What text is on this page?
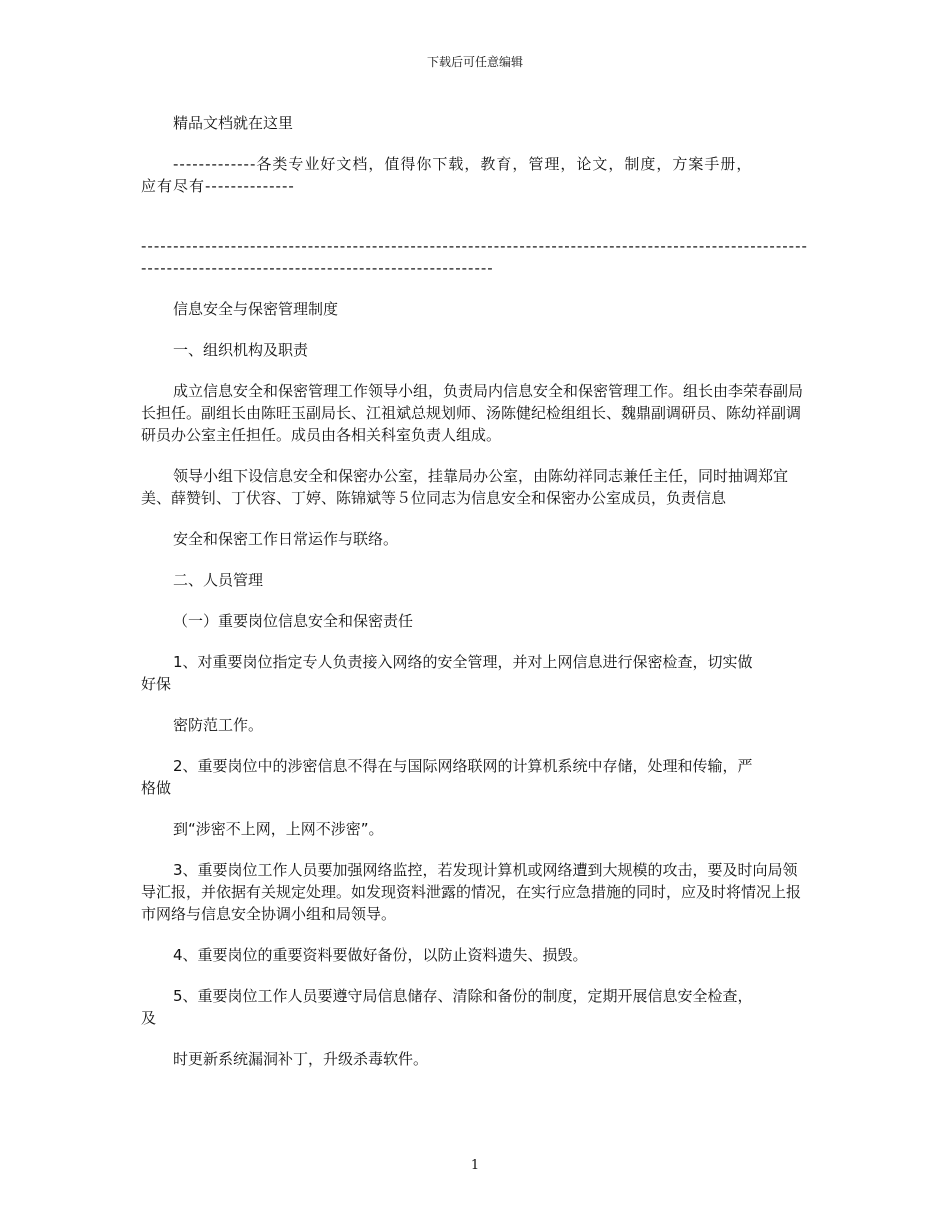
下载后可任意编辑

精品文档就在这里

-------------各类专业好文档，值得你下载，教育，管理，论文，制度，方案手册，

应有尽有--------------

---------------------------------------------------------------------------------------------------------------------------------------------------------------

信息安全与保密管理制度

一、组织机构及职责

成立信息安全和保密管理工作领导小组，负责局内信息安全和保密管理工作。组长由李荣春副局长担任。副组长由陈旺玉副局长、江祖斌总规划师、汤陈健纪检组组长、魏鼎副调研员、陈幼祥副调研员办公室主任担任。成员由各相关科室负责人组成。

领导小组下设信息安全和保密办公室，挂靠局办公室，由陈幼祥同志兼任主任，同时抽调郑宜美、薛赞钊、丁伏容、丁婷、陈锦斌等５位同志为信息安全和保密办公室成员，负责信息

安全和保密工作日常运作与联络。

二、人员管理

（一）重要岗位信息安全和保密责任

1、对重要岗位指定专人负责接入网络的安全管理，并对上网信息进行保密检查，切实做

好保

密防范工作。

2、重要岗位中的涉密信息不得在与国际网络联网的计算机系统中存储，处理和传输，严

格做

到“涉密不上网，上网不涉密”。

3、重要岗位工作人员要加强网络监控，若发现计算机或网络遭到大规模的攻击，要及时向局领导汇报，并依据有关规定处理。如发现资料泄露的情况，在实行应急措施的同时，应及时将情况上报市网络与信息安全协调小组和局领导。

4、重要岗位的重要资料要做好备份，以防止资料遗失、损毁。

5、重要岗位工作人员要遵守局信息储存、清除和备份的制度，定期开展信息安全检查，

及

时更新系统漏洞补丁，升级杀毒软件。

1
